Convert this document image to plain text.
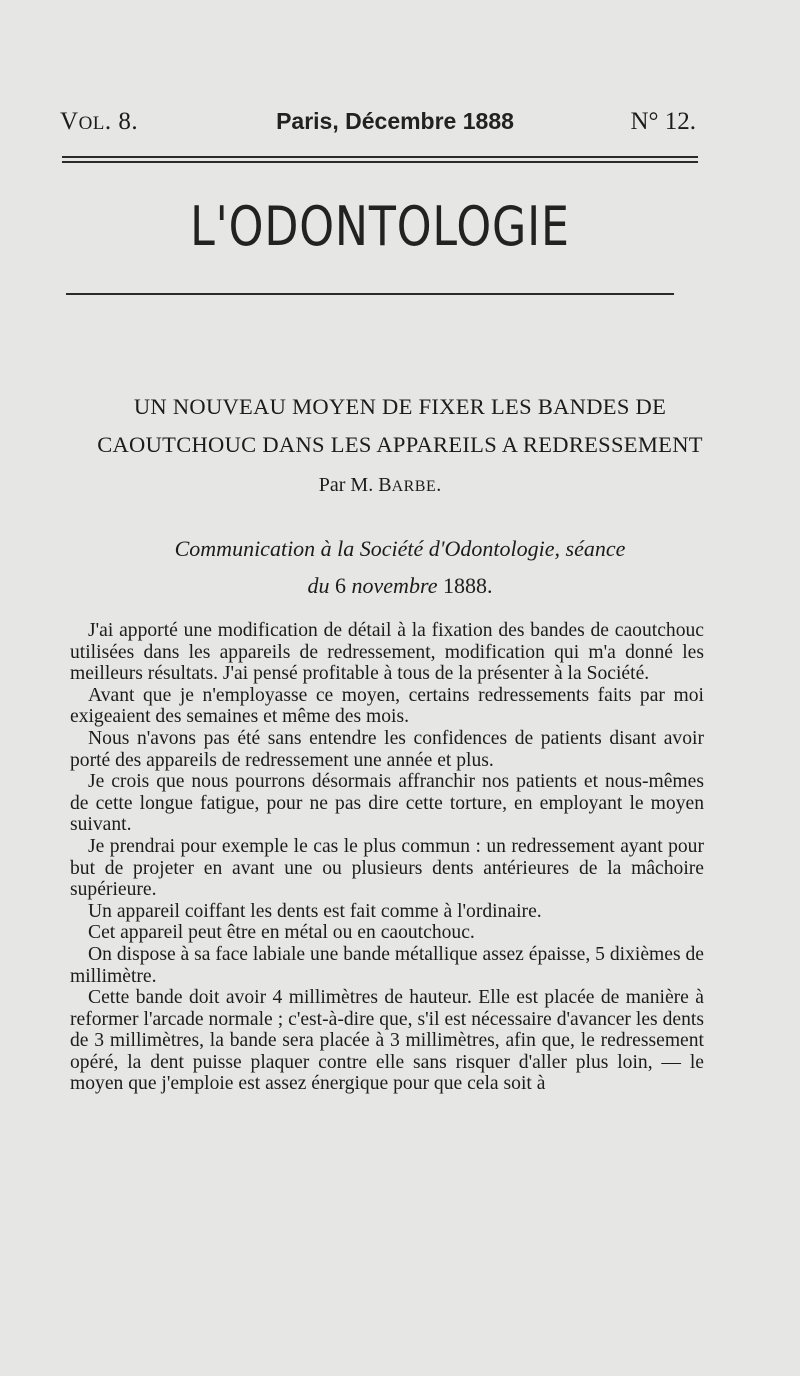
VOL. 8.	Paris, Décembre 1888	N° 12.
L'ODONTOLOGIE
UN NOUVEAU MOYEN DE FIXER LES BANDES DE
CAOUTCHOUC DANS LES APPAREILS A REDRESSEMENT
Par M. BARBE.
Communication à la Société d'Odontologie, séance
du 6 novembre 1888.

J'ai apporté une modification de détail à la fixation des bandes de caoutchouc utilisées dans les appareils de redressement, modification qui m'a donné les meilleurs résultats. J'ai pensé profitable à tous de la présenter à la Société.

Avant que je n'employasse ce moyen, certains redressements faits par moi exigeaient des semaines et même des mois.

Nous n'avons pas été sans entendre les confidences de patients disant avoir porté des appareils de redressement une année et plus.

Je crois que nous pourrons désormais affranchir nos patients et nous-mêmes de cette longue fatigue, pour ne pas dire cette torture, en employant le moyen suivant.

Je prendrai pour exemple le cas le plus commun : un redressement ayant pour but de projeter en avant une ou plusieurs dents antérieures de la mâchoire supérieure.

Un appareil coiffant les dents est fait comme à l'ordinaire.

Cet appareil peut être en métal ou en caoutchouc.

On dispose à sa face labiale une bande métallique assez épaisse, 5 dixièmes de millimètre.

Cette bande doit avoir 4 millimètres de hauteur. Elle est placée de manière à reformer l'arcade normale ; c'est-à-dire que, s'il est nécessaire d'avancer les dents de 3 millimètres, la bande sera placée à 3 millimètres, afin que, le redressement opéré, la dent puisse plaquer contre elle sans risquer d'aller plus loin, — le moyen que j'emploie est assez énergique pour que cela soit à
